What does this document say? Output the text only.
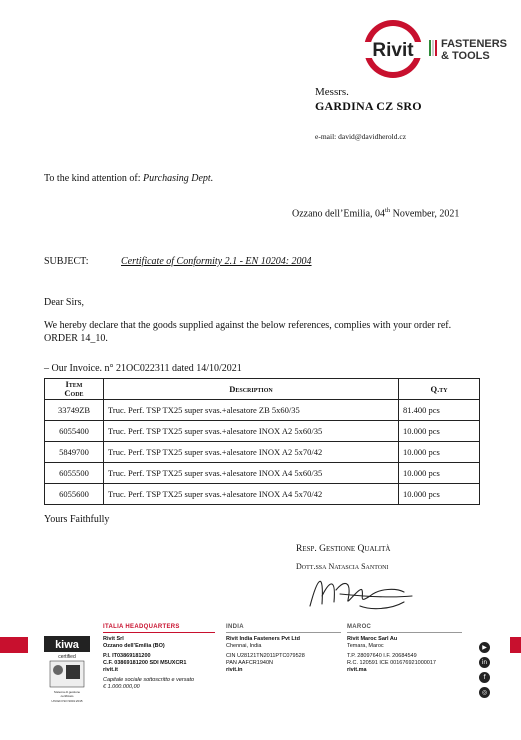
Rivit FASTENERS
& TOOLS
Messrs.
GARDINA CZ SRO
e-mail: david@davidherold.cz
To the kind attention of: Purchasing Dept.
Ozzano dell’Emilia, 04th November, 2021
SUBJECT:	Certificate of Conformity 2.1 - EN 10204: 2004
Dear Sirs,
We hereby declare that the goods supplied against the below references, complies with your order ref. ORDER 14_10.
– Our Invoice. n° 21OC022311 dated 14/10/2021
Item
Code	Description	Q.ty
33749ZB	Truc. Perf. TSP TX25 super svas.+alesatore ZB 5x60/35	81.400 pcs
6055400	Truc. Perf. TSP TX25 super svas.+alesatore INOX A2 5x60/35	10.000 pcs
5849700	Truc. Perf. TSP TX25 super svas.+alesatore INOX A2 5x70/42	10.000 pcs
6055500	Truc. Perf. TSP TX25 super svas.+alesatore INOX A4 5x60/35	10.000 pcs
6055600	Truc. Perf. TSP TX25 super svas.+alesatore INOX A4 5x70/42	10.000 pcs
Yours Faithfully
Resp. Gestione Qualità
Dott.ssa Natascia Santoni
kiwa
certified
Sistema di gestione
certificato
UNI EN ISO 9001:2015
ITALIA HEADQUARTERS
Rivit Srl
Ozzano dell’Emilia (BO)
P.I. IT03869181200
C.F. 03869181200 SDI M5UXCR1
rivit.it
Capitale sociale sottoscritto e versato
€ 1.000.000,00
INDIA
Rivit India Fasteners Pvt Ltd
Chennai, India
CIN U28121TN2011PTC079528
PAN AAFCR1940N
rivit.in
MAROC
Rivit Maroc Sarl Au
Temara, Maroc
T.P. 28097640 I.F. 20684549
R.C. 120591 ICE 001676921000017
rivit.ma
▶
in
f
◎
